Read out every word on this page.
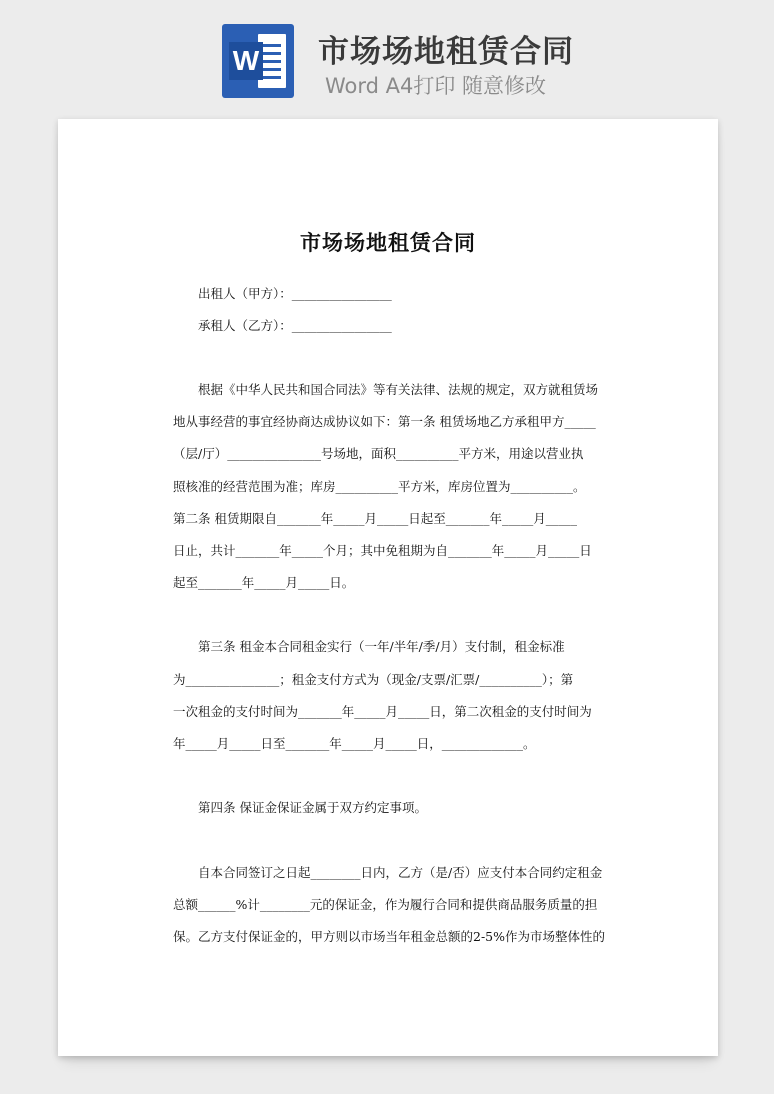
W 市场场地租赁合同
Word A4打印 随意修改
市场场地租赁合同
出租人（甲方）：________________
承租人（乙方）：________________
根据《中华人民共和国合同法》等有关法律、法规的规定，双方就租赁场
地从事经营的事宜经协商达成协议如下：第一条 租赁场地乙方承租甲方_____
（层/厅）_______________号场地，面积__________平方米，用途以营业执
照核准的经营范围为准；库房__________平方米，库房位置为__________。
第二条 租赁期限自_______年_____月_____日起至_______年_____月_____
日止，共计_______年_____个月；其中免租期为自_______年_____月_____日
起至_______年_____月_____日。
第三条 租金本合同租金实行（一年/半年/季/月）支付制，租金标准
为_______________；租金支付方式为（现金/支票/汇票/__________）；第
一次租金的支付时间为_______年_____月_____日，第二次租金的支付时间为
年_____月_____日至_______年_____月_____日，_____________。
第四条 保证金保证金属于双方约定事项。
自本合同签订之日起________日内，乙方（是/否）应支付本合同约定租金
总额______%计________元的保证金，作为履行合同和提供商品服务质量的担
保。乙方支付保证金的，甲方则以市场当年租金总额的2-5%作为市场整体性的
